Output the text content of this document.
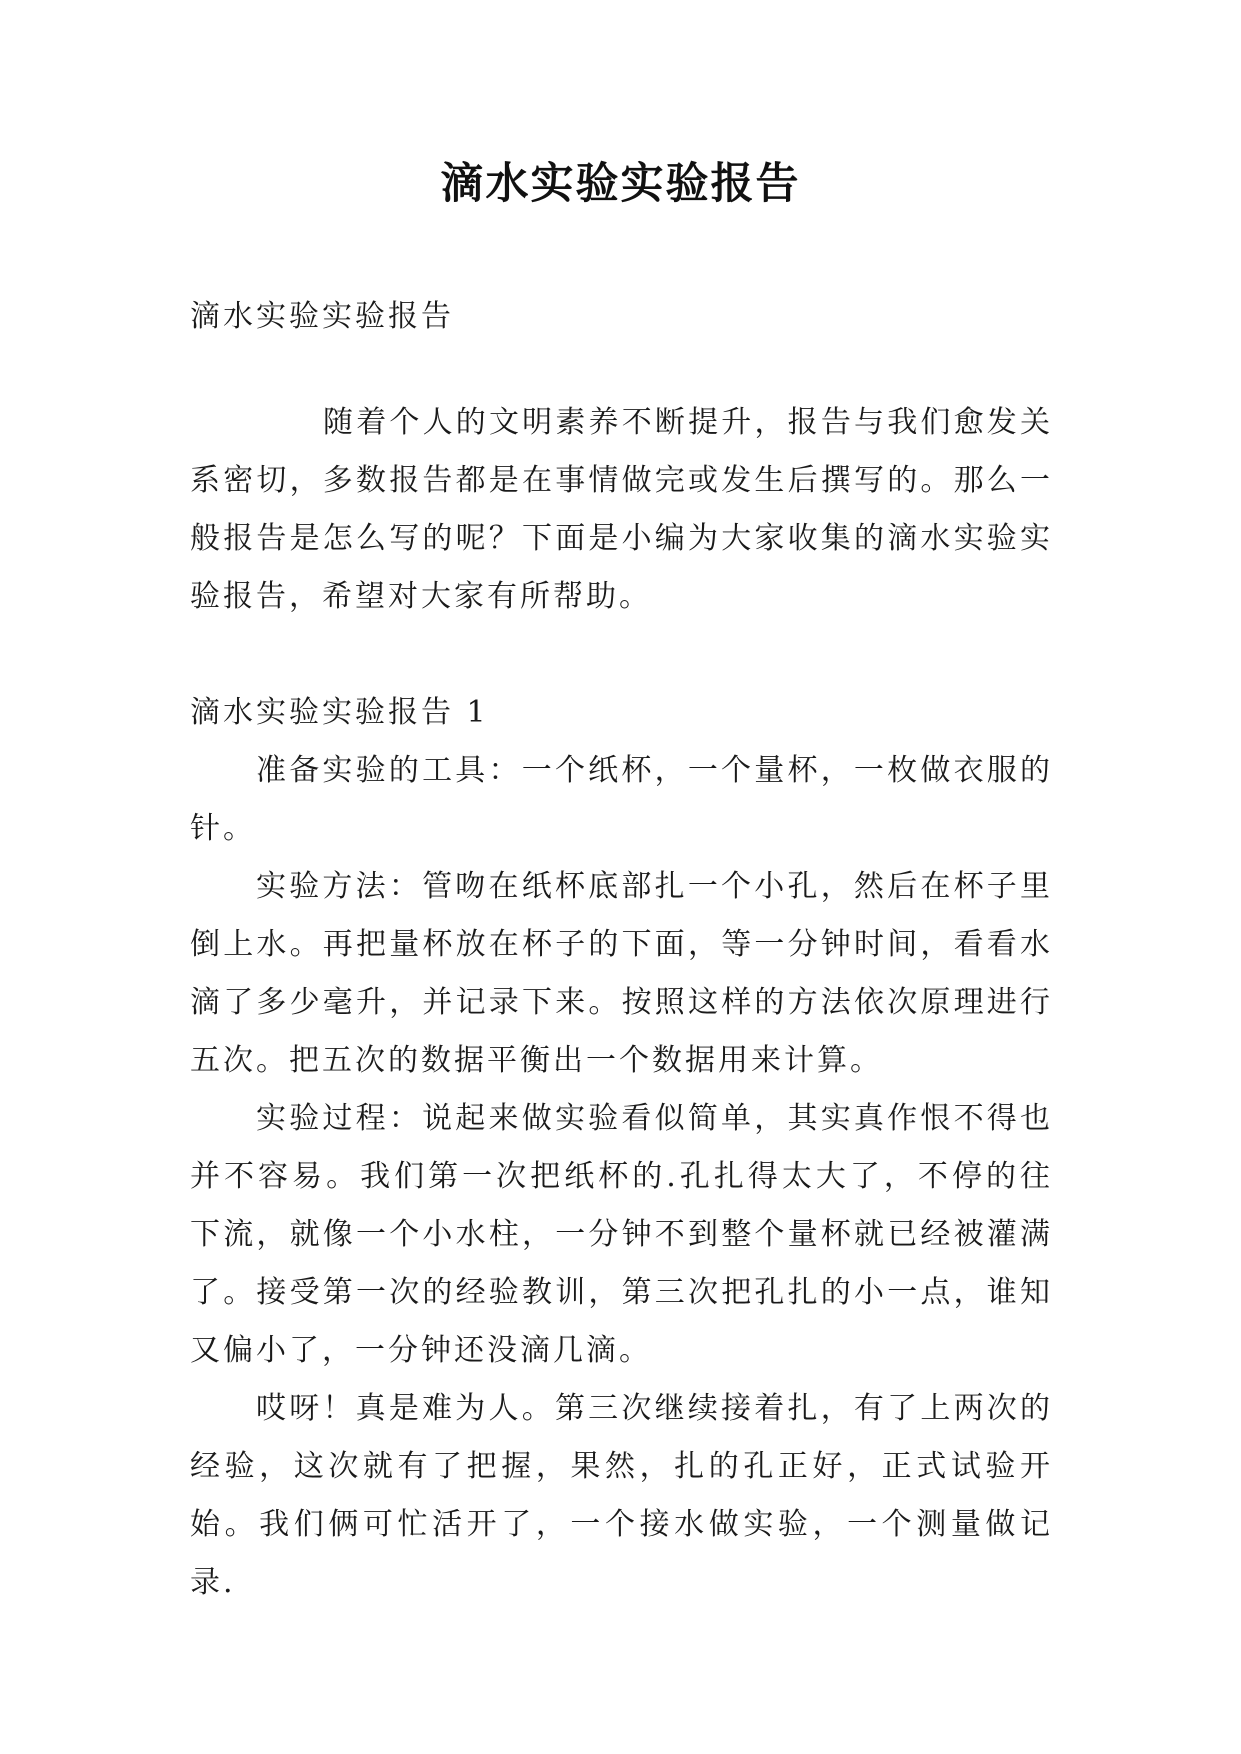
滴水实验实验报告

滴水实验实验报告

随着个人的文明素养不断提升，报告与我们愈发关系密切，多数报告都是在事情做完或发生后撰写的。那么一般报告是怎么写的呢？下面是小编为大家收集的滴水实验实验报告，希望对大家有所帮助。

滴水实验实验报告 1

准备实验的工具：一个纸杯，一个量杯，一枚做衣服的针。

实验方法：管吻在纸杯底部扎一个小孔，然后在杯子里倒上水。再把量杯放在杯子的下面，等一分钟时间，看看水滴了多少毫升，并记录下来。按照这样的方法依次原理进行五次。把五次的数据平衡出一个数据用来计算。

实验过程：说起来做实验看似简单，其实真作恨不得也并不容易。我们第一次把纸杯的.孔扎得太大了，不停的往下流，就像一个小水柱，一分钟不到整个量杯就已经被灌满了。接受第一次的经验教训，第三次把孔扎的小一点，谁知又偏小了，一分钟还没滴几滴。

哎呀！真是难为人。第三次继续接着扎，有了上两次的经验，这次就有了把握，果然，扎的孔正好，正式试验开始。我们俩可忙活开了，一个接水做实验，一个测量做记录.
